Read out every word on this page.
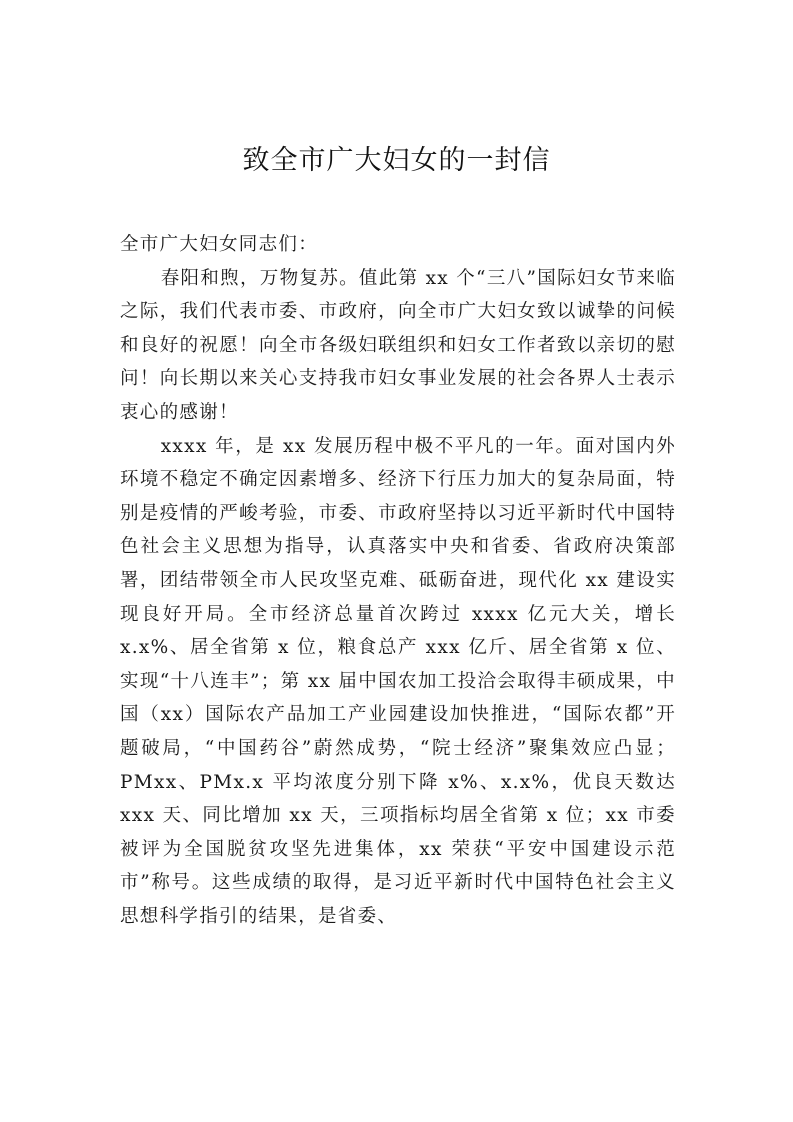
致全市广大妇女的一封信

全市广大妇女同志们：

春阳和煦，万物复苏。值此第 xx 个“三八”国际妇女节来临之际，我们代表市委、市政府，向全市广大妇女致以诚挚的问候和良好的祝愿！向全市各级妇联组织和妇女工作者致以亲切的慰问！向长期以来关心支持我市妇女事业发展的社会各界人士表示衷心的感谢！

xxxx 年，是 xx 发展历程中极不平凡的一年。面对国内外环境不稳定不确定因素增多、经济下行压力加大的复杂局面，特别是疫情的严峻考验，市委、市政府坚持以习近平新时代中国特色社会主义思想为指导，认真落实中央和省委、省政府决策部署，团结带领全市人民攻坚克难、砥砺奋进，现代化 xx 建设实现良好开局。全市经济总量首次跨过 xxxx 亿元大关，增长 x.x%、居全省第 x 位，粮食总产 xxx 亿斤、居全省第 x 位、实现“十八连丰”；第 xx 届中国农加工投洽会取得丰硕成果，中国（xx）国际农产品加工产业园建设加快推进，“国际农都”开题破局，“中国药谷”蔚然成势，“院士经济”聚集效应凸显；PMxx、PMx.x 平均浓度分别下降 x%、x.x%，优良天数达 xxx 天、同比增加 xx 天，三项指标均居全省第 x 位；xx 市委被评为全国脱贫攻坚先进集体，xx 荣获“平安中国建设示范市”称号。这些成绩的取得，是习近平新时代中国特色社会主义思想科学指引的结果，是省委、
